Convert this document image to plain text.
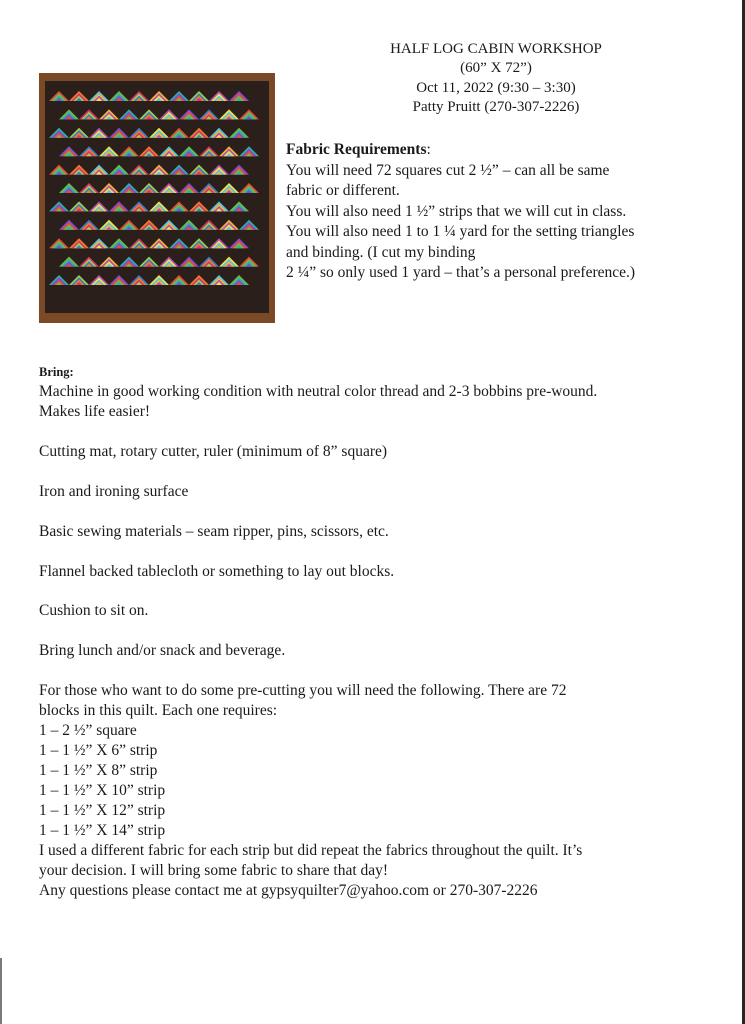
HALF LOG CABIN WORKSHOP
(60” X 72”)
Oct 11, 2022 (9:30 – 3:30)
Patty Pruitt (270-307-2226)
Fabric Requirements:
You will need 72 squares cut 2 ½” – can all be same
fabric or different.
You will also need 1 ½” strips that we will cut in class.
You will also need 1 to 1 ¼ yard for the setting triangles
and binding. (I cut my binding
2 ¼” so only used 1 yard – that’s a personal preference.)
Bring:
Machine in good working condition with neutral color thread and 2-3 bobbins pre-wound.
Makes life easier!
Cutting mat, rotary cutter, ruler (minimum of 8” square)
Iron and ironing surface
Basic sewing materials – seam ripper, pins, scissors, etc.
Flannel backed tablecloth or something to lay out blocks.
Cushion to sit on.
Bring lunch and/or snack and beverage.
For those who want to do some pre-cutting you will need the following. There are 72
blocks in this quilt. Each one requires:
1 – 2 ½” square
1 – 1 ½” X 6” strip
1 – 1 ½” X 8” strip
1 – 1 ½” X 10” strip
1 – 1 ½” X 12” strip
1 – 1 ½” X 14” strip
I used a different fabric for each strip but did repeat the fabrics throughout the quilt. It’s
your decision. I will bring some fabric to share that day!
Any questions please contact me at gypsyquilter7@yahoo.com or 270-307-2226
